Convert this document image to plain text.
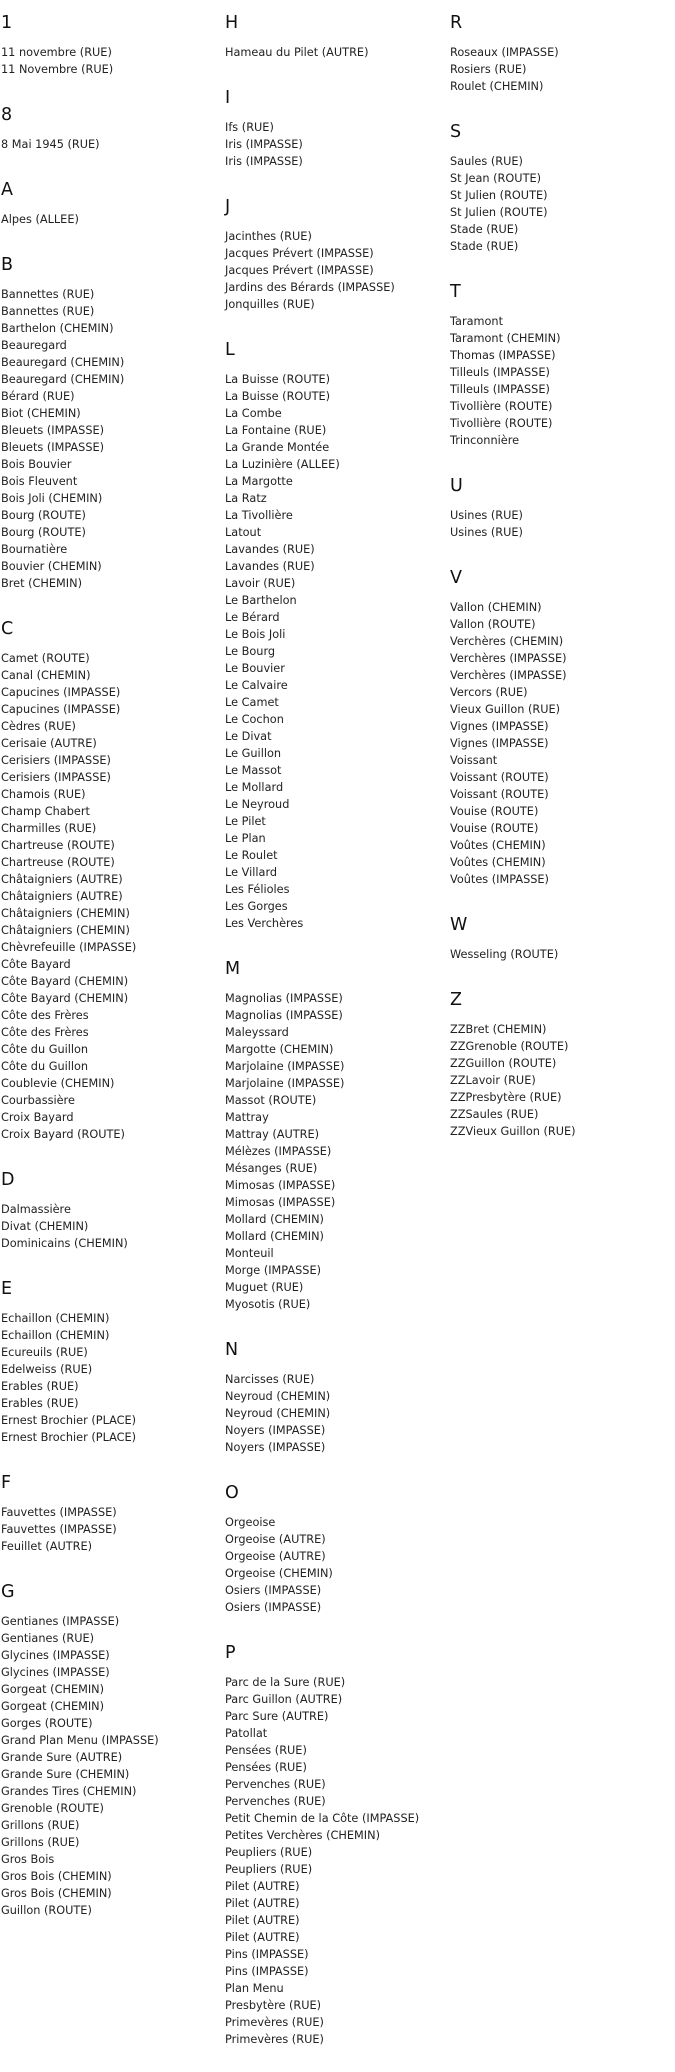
1
11 novembre (RUE)
11 Novembre (RUE)
8
8 Mai 1945 (RUE)
A
Alpes (ALLEE)
B
Bannettes (RUE)
Bannettes (RUE)
Barthelon (CHEMIN)
Beauregard
Beauregard (CHEMIN)
Beauregard (CHEMIN)
Bérard (RUE)
Biot (CHEMIN)
Bleuets (IMPASSE)
Bleuets (IMPASSE)
Bois Bouvier
Bois Fleuvent
Bois Joli (CHEMIN)
Bourg (ROUTE)
Bourg (ROUTE)
Bournatière
Bouvier (CHEMIN)
Bret (CHEMIN)
C
Camet (ROUTE)
Canal (CHEMIN)
Capucines (IMPASSE)
Capucines (IMPASSE)
Cèdres (RUE)
Cerisaie (AUTRE)
Cerisiers (IMPASSE)
Cerisiers (IMPASSE)
Chamois (RUE)
Champ Chabert
Charmilles (RUE)
Chartreuse (ROUTE)
Chartreuse (ROUTE)
Châtaigniers (AUTRE)
Châtaigniers (AUTRE)
Châtaigniers (CHEMIN)
Châtaigniers (CHEMIN)
Chèvrefeuille (IMPASSE)
Côte Bayard
Côte Bayard (CHEMIN)
Côte Bayard (CHEMIN)
Côte des Frères
Côte des Frères
Côte du Guillon
Côte du Guillon
Coublevie (CHEMIN)
Courbassière
Croix Bayard
Croix Bayard (ROUTE)
D
Dalmassière
Divat (CHEMIN)
Dominicains (CHEMIN)
E
Echaillon (CHEMIN)
Echaillon (CHEMIN)
Ecureuils (RUE)
Edelweiss (RUE)
Erables (RUE)
Erables (RUE)
Ernest Brochier (PLACE)
Ernest Brochier (PLACE)
F
Fauvettes (IMPASSE)
Fauvettes (IMPASSE)
Feuillet (AUTRE)
G
Gentianes (IMPASSE)
Gentianes (RUE)
Glycines (IMPASSE)
Glycines (IMPASSE)
Gorgeat (CHEMIN)
Gorgeat (CHEMIN)
Gorges (ROUTE)
Grand Plan Menu (IMPASSE)
Grande Sure (AUTRE)
Grande Sure (CHEMIN)
Grandes Tires (CHEMIN)
Grenoble (ROUTE)
Grillons (RUE)
Grillons (RUE)
Gros Bois
Gros Bois (CHEMIN)
Gros Bois (CHEMIN)
Guillon (ROUTE)
H
Hameau du Pilet (AUTRE)
I
Ifs (RUE)
Iris (IMPASSE)
Iris (IMPASSE)
J
Jacinthes (RUE)
Jacques Prévert (IMPASSE)
Jacques Prévert (IMPASSE)
Jardins des Bérards (IMPASSE)
Jonquilles (RUE)
L
La Buisse (ROUTE)
La Buisse (ROUTE)
La Combe
La Fontaine (RUE)
La Grande Montée
La Luzinière (ALLEE)
La Margotte
La Ratz
La Tivollière
Latout
Lavandes (RUE)
Lavandes (RUE)
Lavoir (RUE)
Le Barthelon
Le Bérard
Le Bois Joli
Le Bourg
Le Bouvier
Le Calvaire
Le Camet
Le Cochon
Le Divat
Le Guillon
Le Massot
Le Mollard
Le Neyroud
Le Pilet
Le Plan
Le Roulet
Le Villard
Les Félioles
Les Gorges
Les Verchères
M
Magnolias (IMPASSE)
Magnolias (IMPASSE)
Maleyssard
Margotte (CHEMIN)
Marjolaine (IMPASSE)
Marjolaine (IMPASSE)
Massot (ROUTE)
Mattray
Mattray (AUTRE)
Mélèzes (IMPASSE)
Mésanges (RUE)
Mimosas (IMPASSE)
Mimosas (IMPASSE)
Mollard (CHEMIN)
Mollard (CHEMIN)
Monteuil
Morge (IMPASSE)
Muguet (RUE)
Myosotis (RUE)
N
Narcisses (RUE)
Neyroud (CHEMIN)
Neyroud (CHEMIN)
Noyers (IMPASSE)
Noyers (IMPASSE)
O
Orgeoise
Orgeoise (AUTRE)
Orgeoise (AUTRE)
Orgeoise (CHEMIN)
Osiers (IMPASSE)
Osiers (IMPASSE)
P
Parc de la Sure (RUE)
Parc Guillon (AUTRE)
Parc Sure (AUTRE)
Patollat
Pensées (RUE)
Pensées (RUE)
Pervenches (RUE)
Pervenches (RUE)
Petit Chemin de la Côte (IMPASSE)
Petites Verchères (CHEMIN)
Peupliers (RUE)
Peupliers (RUE)
Pilet (AUTRE)
Pilet (AUTRE)
Pilet (AUTRE)
Pilet (AUTRE)
Pins (IMPASSE)
Pins (IMPASSE)
Plan Menu
Presbytère (RUE)
Primevères (RUE)
Primevères (RUE)
R
Roseaux (IMPASSE)
Rosiers (RUE)
Roulet (CHEMIN)
S
Saules (RUE)
St Jean (ROUTE)
St Julien (ROUTE)
St Julien (ROUTE)
Stade (RUE)
Stade (RUE)
T
Taramont
Taramont (CHEMIN)
Thomas (IMPASSE)
Tilleuls (IMPASSE)
Tilleuls (IMPASSE)
Tivollière (ROUTE)
Tivollière (ROUTE)
Trinconnière
U
Usines (RUE)
Usines (RUE)
V
Vallon (CHEMIN)
Vallon (ROUTE)
Verchères (CHEMIN)
Verchères (IMPASSE)
Verchères (IMPASSE)
Vercors (RUE)
Vieux Guillon (RUE)
Vignes (IMPASSE)
Vignes (IMPASSE)
Voissant
Voissant (ROUTE)
Voissant (ROUTE)
Vouise (ROUTE)
Vouise (ROUTE)
Voûtes (CHEMIN)
Voûtes (CHEMIN)
Voûtes (IMPASSE)
W
Wesseling (ROUTE)
Z
ZZBret (CHEMIN)
ZZGrenoble (ROUTE)
ZZGuillon (ROUTE)
ZZLavoir (RUE)
ZZPresbytère (RUE)
ZZSaules (RUE)
ZZVieux Guillon (RUE)
